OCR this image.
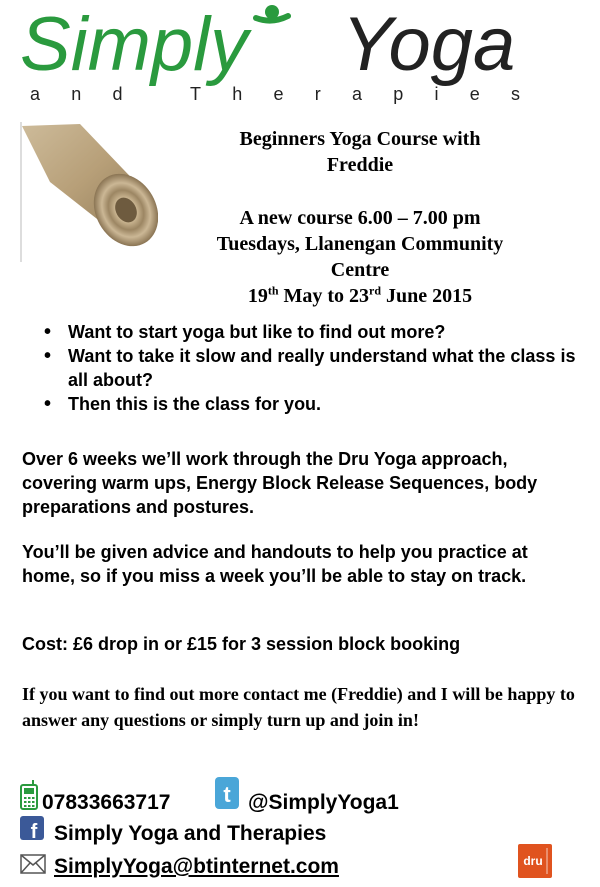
Simply Yoga
a n d
	T h e r a p i e s
Beginners Yoga Course with
Freddie
A new course 6.00 – 7.00 pm
Tuesdays, Llanengan Community
Centre
19th May to 23rd June 2015
• Want to start yoga but like to find out more?
• Want to take it slow and really understand what the class is all about?
• Then this is the class for you.
Over 6 weeks we’ll work through the Dru Yoga approach, covering warm ups, Energy Block Release Sequences, body preparations and postures.
You’ll be given advice and handouts to help you practice at home, so if you miss a week you’ll be able to stay on track.
Cost: £6 drop in or £15 for 3 session block booking
If you want to find out more contact me (Freddie) and I will be happy to answer any questions or simply turn up and join in!
07833663717 t @SimplyYoga1
f Simply Yoga and Therapies
SimplyYoga@btinternet.com	dru
